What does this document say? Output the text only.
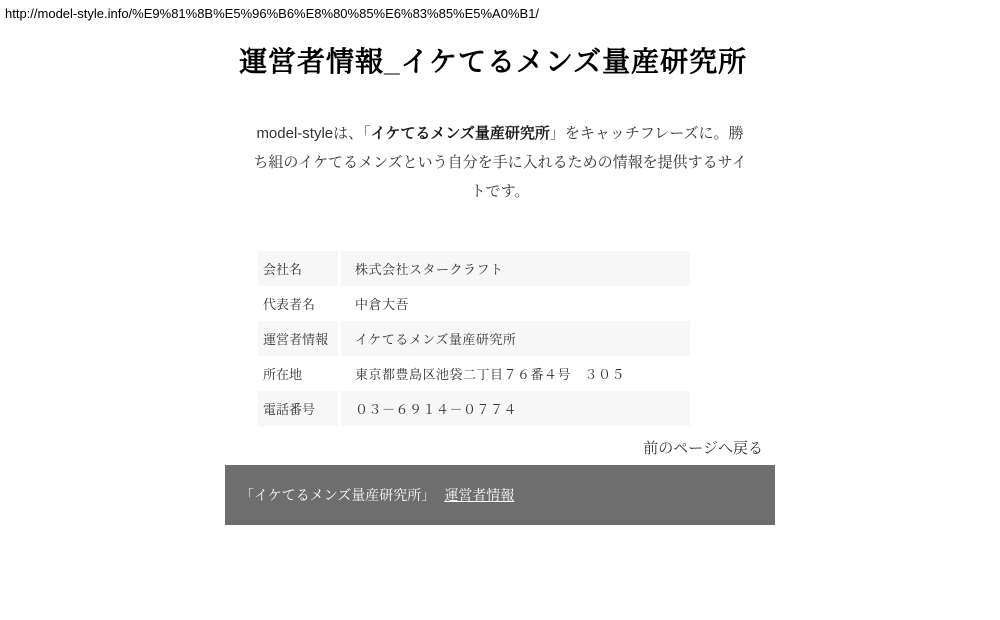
http://model-style.info/%E9%81%8B%E5%96%B6%E8%80%85%E6%83%85%E5%A0%B1/
運営者情報_イケてるメンズ量産研究所

model-styleは、「イケてるメンズ量産研究所」をキャッチフレーズに。勝ち組のイケてるメンズという自分を手に入れるための情報を提供するサイトです。

会社名	株式会社スタークラフト
代表者名	中倉大吾
運営者情報	イケてるメンズ量産研究所
所在地	東京都豊島区池袋二丁目７６番４号　３０５
電話番号	０３－６９１４－０７７４
前のページへ戻る
「イケてるメンズ量産研究所」 運営者情報
